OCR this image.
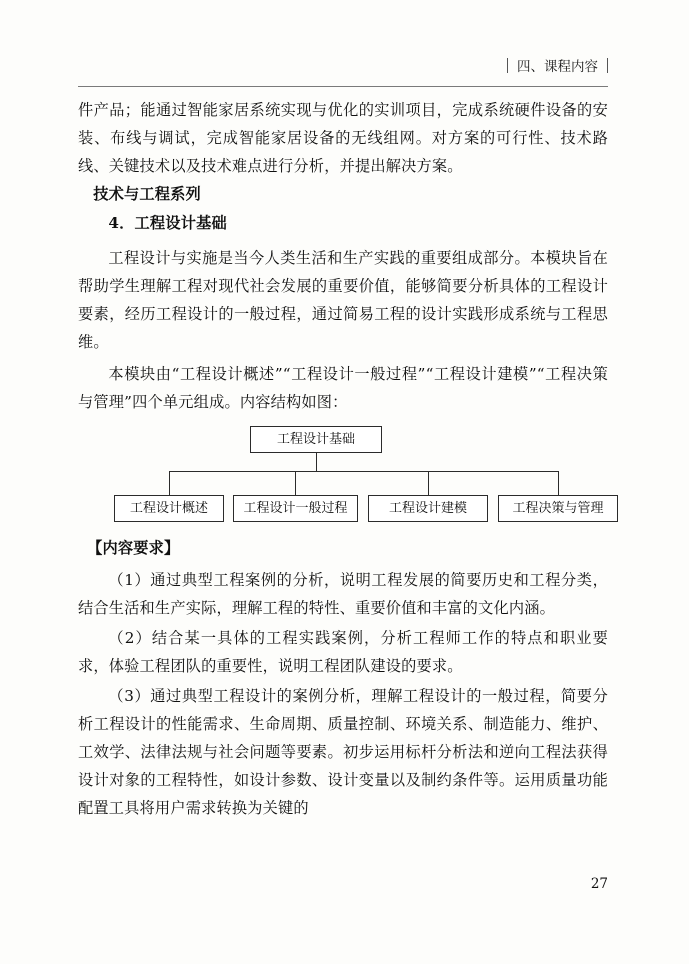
四、课程内容

件产品；能通过智能家居系统实现与优化的实训项目，完成系统硬件设备的安装、布线与调试，完成智能家居设备的无线组网。对方案的可行性、技术路线、关键技术以及技术难点进行分析，并提出解决方案。

技术与工程系列

4．工程设计基础

工程设计与实施是当今人类生活和生产实践的重要组成部分。本模块旨在帮助学生理解工程对现代社会发展的重要价值，能够简要分析具体的工程设计要素，经历工程设计的一般过程，通过简易工程的设计实践形成系统与工程思维。

本模块由“工程设计概述”“工程设计一般过程”“工程设计建模”“工程决策与管理”四个单元组成。内容结构如图：

工程设计基础
工程设计概述	工程设计一般过程	工程设计建模	工程决策与管理

【内容要求】

（1）通过典型工程案例的分析，说明工程发展的简要历史和工程分类，结合生活和生产实际，理解工程的特性、重要价值和丰富的文化内涵。

（2）结合某一具体的工程实践案例，分析工程师工作的特点和职业要求，体验工程团队的重要性，说明工程团队建设的要求。

（3）通过典型工程设计的案例分析，理解工程设计的一般过程，简要分析工程设计的性能需求、生命周期、质量控制、环境关系、制造能力、维护、工效学、法律法规与社会问题等要素。初步运用标杆分析法和逆向工程法获得设计对象的工程特性，如设计参数、设计变量以及制约条件等。运用质量功能配置工具将用户需求转换为关键的

27
